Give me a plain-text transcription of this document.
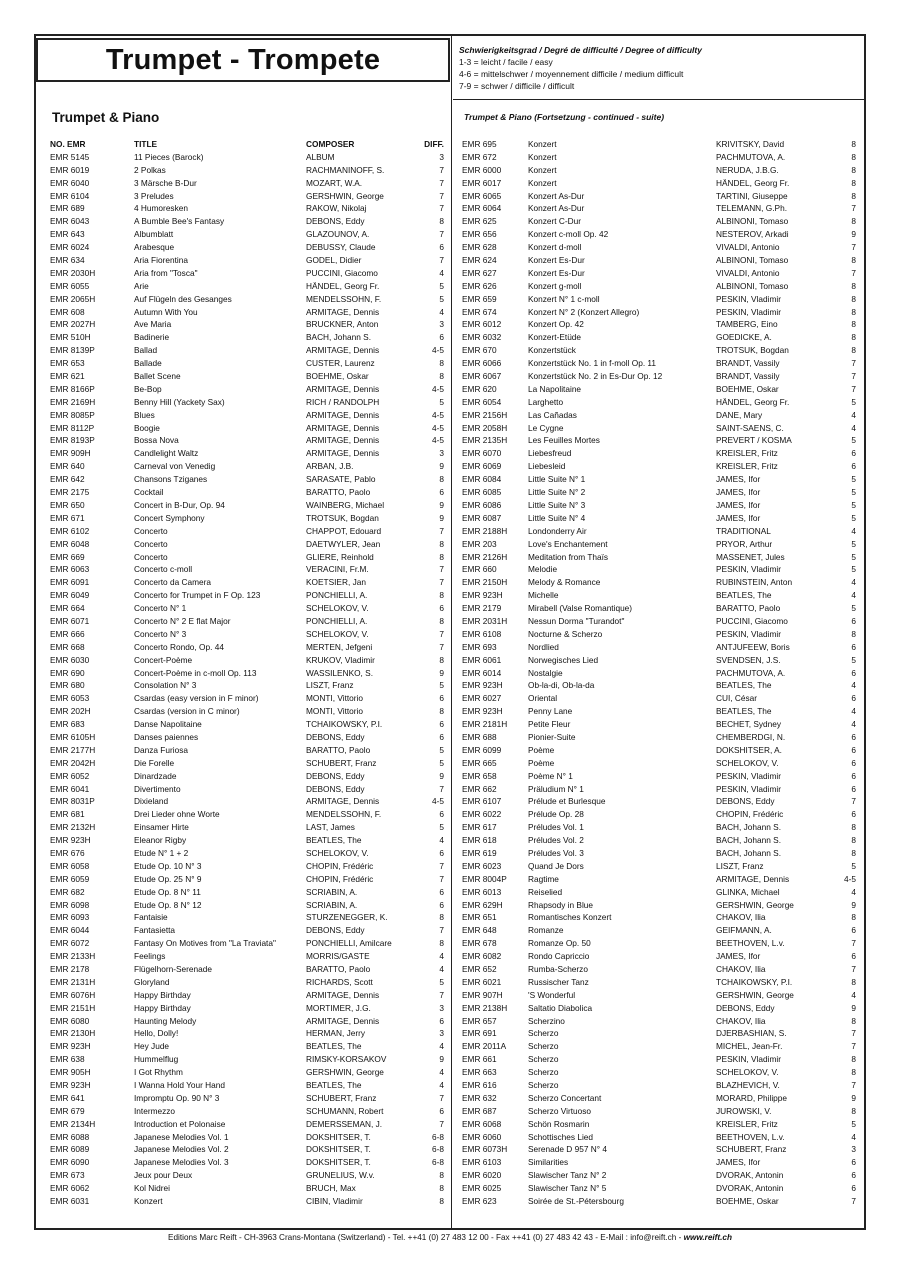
Trumpet - Trompete	Schwierigkeitsgrad / Degré de difficulté / Degree of difficulty
1-3 = leicht / facile / easy
4-6 = mittelschwer / moyennement difficile / medium difficult
7-9 = schwer / difficile / difficult
Trumpet & Piano	Trumpet & Piano (Fortsetzung - continued - suite)
NO. EMR	TITLE	COMPOSER	DIFF.
EMR 5145	11 Pieces (Barock)	ALBUM	3
EMR 6019	2 Polkas	RACHMANINOFF, S.	7
EMR 6040	3 Märsche B-Dur	MOZART, W.A.	7
EMR 6104	3 Preludes	GERSHWIN, George	7
EMR 689	4 Humoresken	RAKOW, Nikolaj	7
EMR 6043	A Bumble Bee's Fantasy	DEBONS, Eddy	8
EMR 643	Albumblatt	GLAZOUNOV, A.	7
EMR 6024	Arabesque	DEBUSSY, Claude	6
EMR 634	Aria Fiorentina	GODEL, Didier	7
EMR 2030H	Aria from "Tosca"	PUCCINI, Giacomo	4
EMR 6055	Arie	HÄNDEL, Georg Fr.	5
EMR 2065H	Auf Flügeln des Gesanges	MENDELSSOHN, F.	5
EMR 608	Autumn With You	ARMITAGE, Dennis	4
EMR 2027H	Ave Maria	BRUCKNER, Anton	3
EMR 510H	Badinerie	BACH, Johann S.	6
EMR 8139P	Ballad	ARMITAGE, Dennis	4-5
EMR 653	Ballade	CUSTER, Laurenz	8
EMR 621	Ballet Scene	BOEHME, Oskar	8
EMR 8166P	Be-Bop	ARMITAGE, Dennis	4-5
EMR 2169H	Benny Hill (Yackety Sax)	RICH / RANDOLPH	5
EMR 8085P	Blues	ARMITAGE, Dennis	4-5
EMR 8112P	Boogie	ARMITAGE, Dennis	4-5
EMR 8193P	Bossa Nova	ARMITAGE, Dennis	4-5
EMR 909H	Candlelight Waltz	ARMITAGE, Dennis	3
EMR 640	Carneval von Venedig	ARBAN, J.B.	9
EMR 642	Chansons Tziganes	SARASATE, Pablo	8
EMR 2175	Cocktail	BARATTO, Paolo	6
EMR 650	Concert in B-Dur, Op. 94	WAINBERG, Michael	9
EMR 671	Concert Symphony	TROTSUK, Bogdan	9
EMR 6102	Concerto	CHAPPOT, Edouard	7
EMR 6048	Concerto	DAETWYLER, Jean	8
EMR 669	Concerto	GLIERE, Reinhold	8
EMR 6063	Concerto c-moll	VERACINI, Fr.M.	7
EMR 6091	Concerto da Camera	KOETSIER, Jan	7
EMR 6049	Concerto for Trumpet in F Op. 123	PONCHIELLI, A.	8
EMR 664	Concerto N° 1	SCHELOKOV, V.	6
EMR 6071	Concerto N° 2 E flat Major	PONCHIELLI, A.	8
EMR 666	Concerto N° 3	SCHELOKOV, V.	7
EMR 668	Concerto Rondo, Op. 44	MERTEN, Jefgeni	7
EMR 6030	Concert-Poème	KRUKOV, Vladimir	8
EMR 690	Concert-Poème in c-moll Op. 113	WASSILENKO, S.	9
EMR 680	Consolation N° 3	LISZT, Franz	5
EMR 6053	Csardas (easy version in F minor)	MONTI, Vittorio	6
EMR 202H	Csardas (version in C minor)	MONTI, Vittorio	8
EMR 683	Danse Napolitaine	TCHAIKOWSKY, P.I.	6
EMR 6105H	Danses paiennes	DEBONS, Eddy	6
EMR 2177H	Danza Furiosa	BARATTO, Paolo	5
EMR 2042H	Die Forelle	SCHUBERT, Franz	5
EMR 6052	Dinardzade	DEBONS, Eddy	9
EMR 6041	Divertimento	DEBONS, Eddy	7
EMR 8031P	Dixieland	ARMITAGE, Dennis	4-5
EMR 681	Drei Lieder ohne Worte	MENDELSSOHN, F.	6
EMR 2132H	Einsamer Hirte	LAST, James	5
EMR 923H	Eleanor Rigby	BEATLES, The	4
EMR 676	Etude N° 1 + 2	SCHELOKOV, V.	6
EMR 6058	Etude Op. 10 N° 3	CHOPIN, Frédéric	7
EMR 6059	Etude Op. 25 N° 9	CHOPIN, Frédéric	7
EMR 682	Etude Op. 8 N° 11	SCRIABIN, A.	6
EMR 6098	Etude Op. 8 N° 12	SCRIABIN, A.	6
EMR 6093	Fantaisie	STURZENEGGER, K.	8
EMR 6044	Fantasietta	DEBONS, Eddy	7
EMR 6072	Fantasy On Motives from "La Traviata"	PONCHIELLI, Amilcare	8
EMR 2133H	Feelings	MORRIS/GASTE	4
EMR 2178	Flügelhorn-Serenade	BARATTO, Paolo	4
EMR 2131H	Gloryland	RICHARDS, Scott	5
EMR 6076H	Happy Birthday	ARMITAGE, Dennis	7
EMR 2151H	Happy Birthday	MORTIMER, J.G.	3
EMR 6080	Haunting Melody	ARMITAGE, Dennis	6
EMR 2130H	Hello, Dolly!	HERMAN, Jerry	3
EMR 923H	Hey Jude	BEATLES, The	4
EMR 638	Hummelflug	RIMSKY-KORSAKOV	9
EMR 905H	I Got Rhythm	GERSHWIN, George	4
EMR 923H	I Wanna Hold Your Hand	BEATLES, The	4
EMR 641	Impromptu Op. 90 N° 3	SCHUBERT, Franz	7
EMR 679	Intermezzo	SCHUMANN, Robert	6
EMR 2134H	Introduction et Polonaise	DEMERSSEMAN, J.	7
EMR 6088	Japanese Melodies Vol. 1	DOKSHITSER, T.	6-8
EMR 6089	Japanese Melodies Vol. 2	DOKSHITSER, T.	6-8
EMR 6090	Japanese Melodies Vol. 3	DOKSHITSER, T.	6-8
EMR 673	Jeux pour Deux	GRUNELIUS, W.v.	8
EMR 6062	Kol Nidrei	BRUCH, Max	8
EMR 6031	Konzert	CIBIN, Vladimir	8
EMR 695	Konzert	KRIVITSKY, David	8
EMR 672	Konzert	PACHMUTOVA, A.	8
EMR 6000	Konzert	NERUDA, J.B.G.	8
EMR 6017	Konzert	HÄNDEL, Georg Fr.	8
EMR 6065	Konzert As-Dur	TARTINI, Giuseppe	8
EMR 6064	Konzert As-Dur	TELEMANN, G.Ph.	7
EMR 625	Konzert C-Dur	ALBINONI, Tomaso	8
EMR 656	Konzert c-moll Op. 42	NESTEROV, Arkadi	9
EMR 628	Konzert d-moll	VIVALDI, Antonio	7
EMR 624	Konzert Es-Dur	ALBINONI, Tomaso	8
EMR 627	Konzert Es-Dur	VIVALDI, Antonio	7
EMR 626	Konzert g-moll	ALBINONI, Tomaso	8
EMR 659	Konzert N° 1 c-moll	PESKIN, Vladimir	8
EMR 674	Konzert N° 2 (Konzert Allegro)	PESKIN, Vladimir	8
EMR 6012	Konzert Op. 42	TAMBERG, Eino	8
EMR 6032	Konzert-Etüde	GOEDICKE, A.	8
EMR 670	Konzertstück	TROTSUK, Bogdan	8
EMR 6066	Konzertstück No. 1 in f-moll Op. 11	BRANDT, Vassily	7
EMR 6067	Konzertstück No. 2 in Es-Dur Op. 12	BRANDT, Vassily	7
EMR 620	La Napolitaine	BOEHME, Oskar	7
EMR 6054	Larghetto	HÄNDEL, Georg Fr.	5
EMR 2156H	Las Cañadas	DANE, Mary	4
EMR 2058H	Le Cygne	SAINT-SAENS, C.	4
EMR 2135H	Les Feuilles Mortes	PREVERT / KOSMA	5
EMR 6070	Liebesfreud	KREISLER, Fritz	6
EMR 6069	Liebesleid	KREISLER, Fritz	6
EMR 6084	Little Suite N° 1	JAMES, Ifor	5
EMR 6085	Little Suite N° 2	JAMES, Ifor	5
EMR 6086	Little Suite N° 3	JAMES, Ifor	5
EMR 6087	Little Suite N° 4	JAMES, Ifor	5
EMR 2188H	Londonderry Air	TRADITIONAL	4
EMR 203	Love's Enchantement	PRYOR, Arthur	5
EMR 2126H	Meditation from Thaïs	MASSENET, Jules	5
EMR 660	Melodie	PESKIN, Vladimir	5
EMR 2150H	Melody & Romance	RUBINSTEIN, Anton	4
EMR 923H	Michelle	BEATLES, The	4
EMR 2179	Mirabell (Valse Romantique)	BARATTO, Paolo	5
EMR 2031H	Nessun Dorma "Turandot"	PUCCINI, Giacomo	6
EMR 6108	Nocturne & Scherzo	PESKIN, Vladimir	8
EMR 693	Nordlied	ANTJUFEEW, Boris	6
EMR 6061	Norwegisches Lied	SVENDSEN, J.S.	5
EMR 6014	Nostalgie	PACHMUTOVA, A.	6
EMR 923H	Ob-la-di, Ob-la-da	BEATLES, The	4
EMR 6027	Oriental	CUI, César	6
EMR 923H	Penny Lane	BEATLES, The	4
EMR 2181H	Petite Fleur	BECHET, Sydney	4
EMR 688	Pionier-Suite	CHEMBERDGI, N.	6
EMR 6099	Poème	DOKSHITSER, A.	6
EMR 665	Poème	SCHELOKOV, V.	6
EMR 658	Poème N° 1	PESKIN, Vladimir	6
EMR 662	Präludium N° 1	PESKIN, Vladimir	6
EMR 6107	Prélude et Burlesque	DEBONS, Eddy	7
EMR 6022	Prélude Op. 28	CHOPIN, Frédéric	6
EMR 617	Préludes Vol. 1	BACH, Johann S.	8
EMR 618	Préludes Vol. 2	BACH, Johann S.	8
EMR 619	Préludes Vol. 3	BACH, Johann S.	8
EMR 6023	Quand Je Dors	LISZT, Franz	5
EMR 8004P	Ragtime	ARMITAGE, Dennis	4-5
EMR 6013	Reiselied	GLINKA, Michael	4
EMR 629H	Rhapsody in Blue	GERSHWIN, George	9
EMR 651	Romantisches Konzert	CHAKOV, Ilia	8
EMR 648	Romanze	GEIFMANN, A.	6
EMR 678	Romanze Op. 50	BEETHOVEN, L.v.	7
EMR 6082	Rondo Capriccio	JAMES, Ifor	6
EMR 652	Rumba-Scherzo	CHAKOV, Ilia	7
EMR 6021	Russischer Tanz	TCHAIKOWSKY, P.I.	8
EMR 907H	'S Wonderful	GERSHWIN, George	4
EMR 2138H	Saltatio Diabolica	DEBONS, Eddy	9
EMR 657	Scherzino	CHAKOV, Ilia	8
EMR 691	Scherzo	DJERBASHIAN, S.	7
EMR 2011A	Scherzo	MICHEL, Jean-Fr.	7
EMR 661	Scherzo	PESKIN, Vladimir	8
EMR 663	Scherzo	SCHELOKOV, V.	8
EMR 616	Scherzo	BLAZHEVICH, V.	7
EMR 632	Scherzo Concertant	MORARD, Philippe	9
EMR 687	Scherzo Virtuoso	JUROWSKI, V.	8
EMR 6068	Schön Rosmarin	KREISLER, Fritz	5
EMR 6060	Schottisches Lied	BEETHOVEN, L.v.	4
EMR 6073H	Serenade D 957 N° 4	SCHUBERT, Franz	3
EMR 6103	Similarities	JAMES, Ifor	6
EMR 6020	Slawischer Tanz N° 2	DVORAK, Antonin	6
EMR 6025	Slawischer Tanz N° 5	DVORAK, Antonin	6
EMR 623	Soirée de St.-Pétersbourg	BOEHME, Oskar	7
Editions Marc Reift - CH-3963 Crans-Montana (Switzerland) - Tel. ++41 (0) 27 483 12 00 - Fax ++41 (0) 27 483 42 43 - E-Mail : info@reift.ch - www.reift.ch
